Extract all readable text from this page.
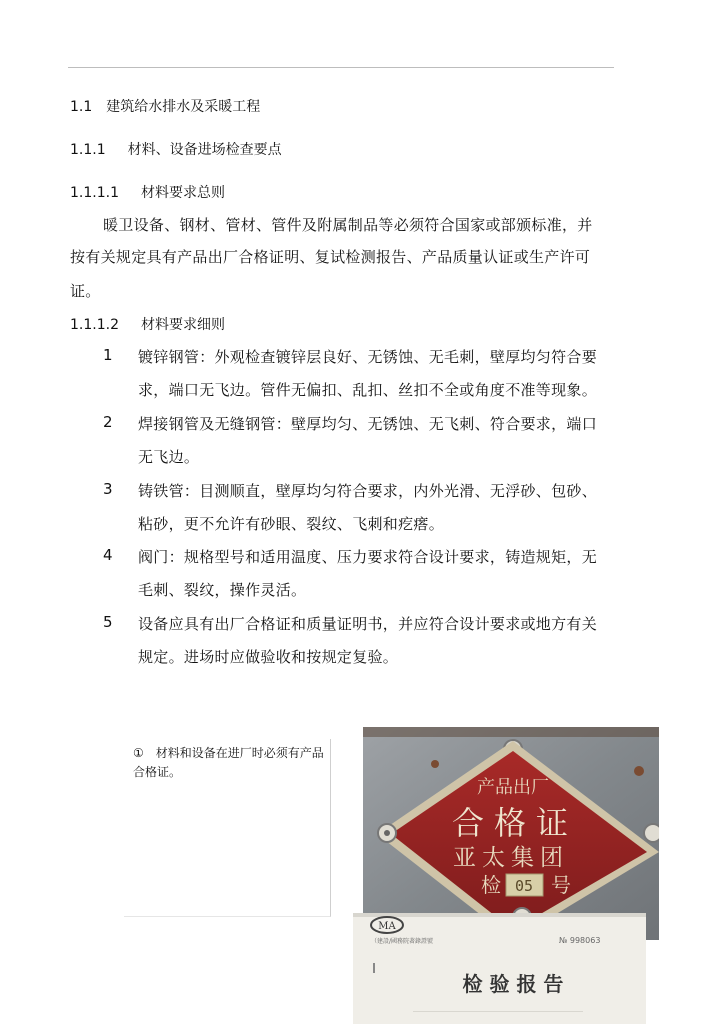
1.1 建筑给水排水及采暖工程
1.1.1 材料、设备进场检查要点
1.1.1.1 材料要求总则
暖卫设备、钢材、管材、管件及附属制品等必须符合国家或部颁标准，并
按有关规定具有产品出厂合格证明、复试检测报告、产品质量认证或生产许可
证。
1.1.1.2 材料要求细则
1 镀锌钢管：外观检查镀锌层良好、无锈蚀、无毛刺，壁厚均匀符合要
求，端口无飞边。管件无偏扣、乱扣、丝扣不全或角度不准等现象。
2 焊接钢管及无缝钢管：壁厚均匀、无锈蚀、无飞刺、符合要求，端口
无飞边。
3 铸铁管：目测顺直，壁厚均匀符合要求，内外光滑、无浮砂、包砂、
粘砂，更不允许有砂眼、裂纹、飞刺和疙瘩。
4 阀门：规格型号和适用温度、压力要求符合设计要求，铸造规矩，无
毛刺、裂纹，操作灵活。
5 设备应具有出厂合格证和质量证明书，并应符合设计要求或地方有关
规定。进场时应做验收和按规定复验。
①　材料和设备在进厂时必须有产品合格证。
产品出厂
合格证
亚太集团
检 05 号
MA
（建設/國務院著錄證號	№ 998063
检 验 报 告
